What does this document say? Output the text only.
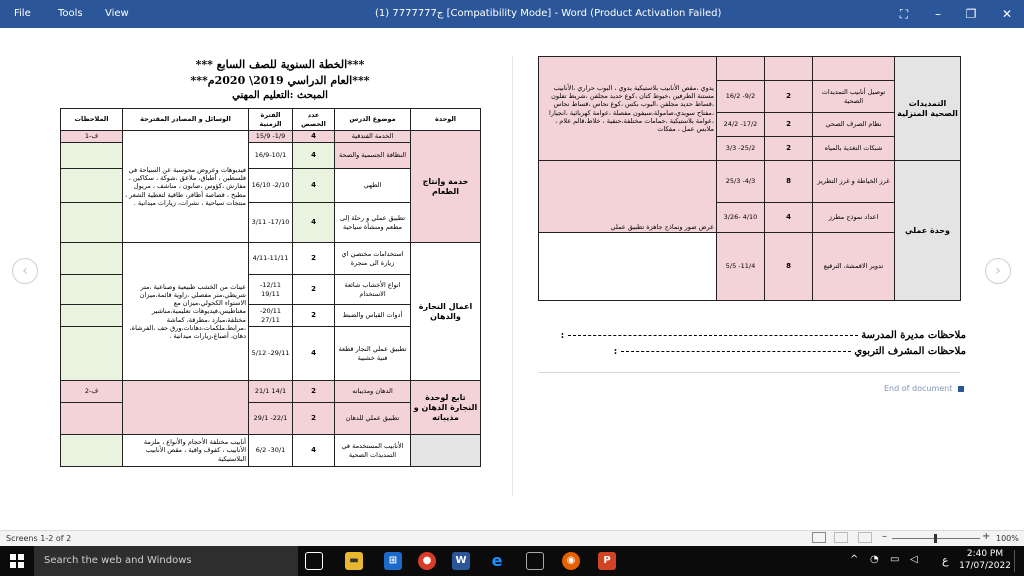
File	Tools View	ج7777777 (1) [Compatibility Mode] - Word (Product Activation Failed)	⛶	–	❐	✕
‹	›
***الخطة السنوية للصف السابع ***
***العام الدراسي 2019\ 2020م***
المبحث :التعليم المهني
الوحدة	موضوع الدرس	عدد الحصص	الفترة الزمنية	الوسائل و المصادر المقترحة	الملاحظات
خدمة وإنتاج الطعام	الخدمة الفندقية	4	1/9- 15/9	فيديوهات وعروض محوسبة عن السياحة في فلسطين ، أطباق، ملاعق ،شوكة ، سكاكين ، مفارش ،كؤوس ،صابون ، مناشف ، مريول مطبخ ، قصاصة أظافر، طاقية لتغطية الشعر ، منتجات سياحية ، نشرات، زيارات ميدانية .	ف-1
	النظافة الجسمية والصحة	4	16/9-10/1		
	الطهي	4	2/10- 16/10		
	تطبيق عملي و رحلة إلى مطعم ومنشأة سياحية	4	17/10- 3/11		
اعمال النجارة والدهان	استخدامات مختصي اي زيارة الى منجرة	2	4/11-11/11	عينات من الخشب طبيعية وصناعية ،متر شريطي،متر مفصلي ،زاوية قائمة،ميزان الاستواء الكحولي،ميزان مع مغناطيس،فيديوهات تعليمية،مناشير مختلفة،مبارد ،مطرقة، كماشة ،مرابط،ملكمات،دهانات،ورق حف ،الفرشاة، دهان، أصباغ،زيارات ميدانية .	
	انواع الأخشاب شائعة الاستخدام	2	12/11- 19/11		
	أدوات القياس والضبط	2	20/11- 27/11		
	تطبيق عملي النجار قطعة فنية خشبية	4	29/11- 5/12		
تابع لوحدة النجارة الدهان و مذيباته	الدهان ومذيباته	2	14/1 21/1		ف-2
	تطبيق عملي للدهان	2	22/1- 29/1		
	الأنابيب المستخدمة في التمديدات الصحية	4	30/1- 6/2	أنابيب مختلفة الأحجام والأنواع ، ملزمة الأنابيب ، كفوف واقية ، مقص الأنابيب البلاستيكية	
التمديدات الصحية المنزلية				يدوي ،مقص الأنابيب بلاستيكية يدوي ، البوب حراري ،الأنابيب مستنة الطرفين ،خيوط كتان ،كوع حديد مجلفن ،شريط تفلون ،قساط حديد مجلفن ،البوب بكس ،كوع نحاس ،قساط نحاس ،مفتاح سويدي،صامولة،سيفون مفصلة ،عوامة كهربائية ،انجيارا ،عوامة بلاستيكية ،حمامات مختلفة،حنفية ، خلاط،قالم علام ، ملابس عمل ، مفكات
	توصيل أنابيب التمديدات الصحية	2	9/2- 16/2	
	نظام الصرف الصحي	2	17/2- 24/2	
	شبكات التغذية بالمياه	2	25/2- 3/3	
وحدة عملي	غرز الخياطة و غرز التطريز	8	4/3- 25/3	عرض صور ونماذج جاهزة تطبيق عملي
	اعداد نموذج مطرز	4	4/10 -3/26	
	تدوير الاقمشة، الترقيع	8	11/4- 5/5	
ملاحظات مديرة المدرسة  :
ملاحظات المشرف التربوي  :
End of document
Screens 1-2 of 2	–	+ 100%
Search the web and Windows	▬	⊞	●	W e	◉	P	^ ◔ ▭ ◁ ع	2:40 PM
17/07/2022
